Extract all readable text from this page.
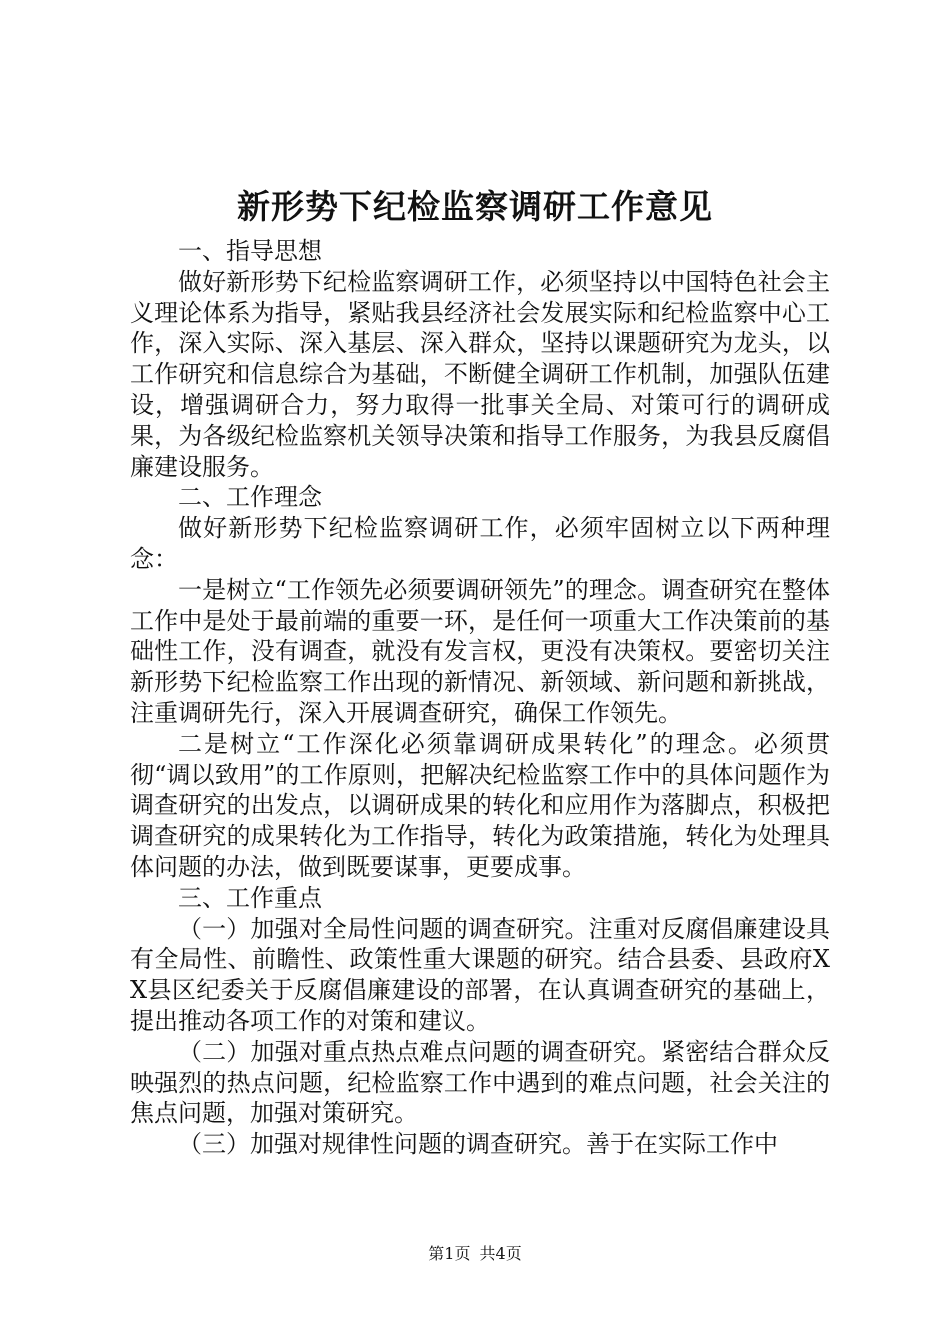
新形势下纪检监察调研工作意见

一、指导思想

做好新形势下纪检监察调研工作，必须坚持以中国特色社会主义理论体系为指导，紧贴我县经济社会发展实际和纪检监察中心工作，深入实际、深入基层、深入群众，坚持以课题研究为龙头，以工作研究和信息综合为基础，不断健全调研工作机制，加强队伍建设，增强调研合力，努力取得一批事关全局、对策可行的调研成果，为各级纪检监察机关领导决策和指导工作服务，为我县反腐倡廉建设服务。

二、工作理念

做好新形势下纪检监察调研工作，必须牢固树立以下两种理念：

一是树立“工作领先必须要调研领先”的理念。调查研究在整体工作中是处于最前端的重要一环，是任何一项重大工作决策前的基础性工作，没有调查，就没有发言权，更没有决策权。要密切关注新形势下纪检监察工作出现的新情况、新领域、新问题和新挑战，注重调研先行，深入开展调查研究，确保工作领先。

二是树立“工作深化必须靠调研成果转化”的理念。必须贯彻“调以致用”的工作原则，把解决纪检监察工作中的具体问题作为调查研究的出发点，以调研成果的转化和应用作为落脚点，积极把调查研究的成果转化为工作指导，转化为政策措施，转化为处理具体问题的办法，做到既要谋事，更要成事。

三、工作重点

（一）加强对全局性问题的调查研究。注重对反腐倡廉建设具有全局性、前瞻性、政策性重大课题的研究。结合县委、县政府XX县区纪委关于反腐倡廉建设的部署，在认真调查研究的基础上，提出推动各项工作的对策和建议。

（二）加强对重点热点难点问题的调查研究。紧密结合群众反映强烈的热点问题，纪检监察工作中遇到的难点问题，社会关注的焦点问题，加强对策研究。

（三）加强对规律性问题的调查研究。善于在实际工作中

第1页 共4页
